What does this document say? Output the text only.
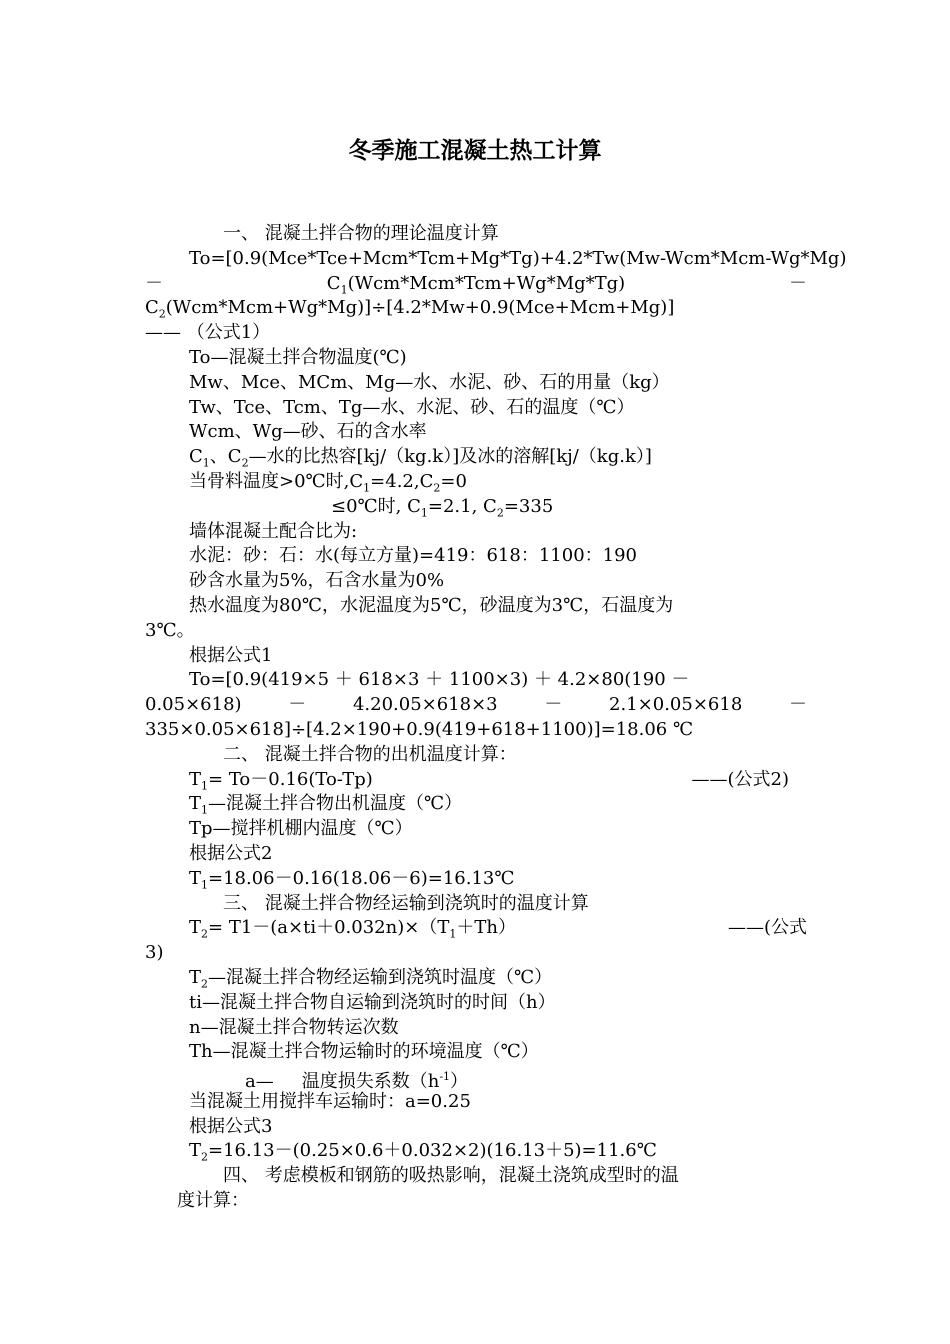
冬季施工混凝土热工计算
一、 混凝土拌合物的理论温度计算
To=[0.9(Mce*Tce+Mcm*Tcm+Mg*Tg)+4.2*Tw(Mw-Wcm*Mcm-Wg*Mg)
－	$C_1(Wcm*Mcm*Tcm+Wg*Mg*Tg)$	－
$C_2(Wcm*Mcm+Wg*Mg)]\div[4.2*Mw+0.9(Mce+Mcm+Mg)]$
—— （公式1）
To—混凝土拌合物温度(℃)
Mw、Mce、MCm、Mg—水、水泥、砂、石的用量（kg）
Tw、Tce、Tcm、Tg—水、水泥、砂、石的温度（℃）
Wcm、Wg—砂、石的含水率
$C_1$、$C_2—$水的比热容[kj/（kg.k）]及冰的溶解[kj/（kg.k）]
当骨料温度>0℃时$,C_1=4.2,C_2=0$
≤0℃时, $C_1=2.1$, $C_2=335$
墙体混凝土配合比为:
水泥：砂：石：水(每立方量)=419：618：1100：190
砂含水量为5%，石含水量为0%
热水温度为80℃，水泥温度为5℃，砂温度为3℃，石温度为
3℃。
根据公式1
To=[0.9(419×5 ＋ 618×3 ＋ 1100×3) ＋ 4.2×80(190 －
0.05×618)	－	4.20.05×618×3	－	2.1×0.05×618	－
335×0.05×618]÷[4.2×190+0.9(419+618+1100)]=18.06 ℃
二、 混凝土拌合物的出机温度计算：
$T_1= To-0.16(To-Tp)$	——(公式2)
$T_1—$混凝土拌合物出机温度（℃）
Tp—搅拌机棚内温度（℃）
根据公式2
$T_1=18.06-0.16(18.06-6)=16.13℃$
三、 混凝土拌合物经运输到浇筑时的温度计算
$T_2= T1-(a\times ti+0.032n)\times(T_1+Th)$	——(公式
3)
$T_2—$混凝土拌合物经运输到浇筑时温度（℃）
ti—混凝土拌合物自运输到浇筑时的时间（h）
n—混凝土拌合物转运次数
Th—混凝土拌合物运输时的环境温度（℃）
a— 温度损失系数$(h^{-1})$
当混凝土用搅拌车运输时：a=0.25
根据公式3
$T_2=16.13-(0.25\times 0.6+0.032\times 2)(16.13+5)=11.6℃$
四、 考虑模板和钢筋的吸热影响，混凝土浇筑成型时的温
度计算：
